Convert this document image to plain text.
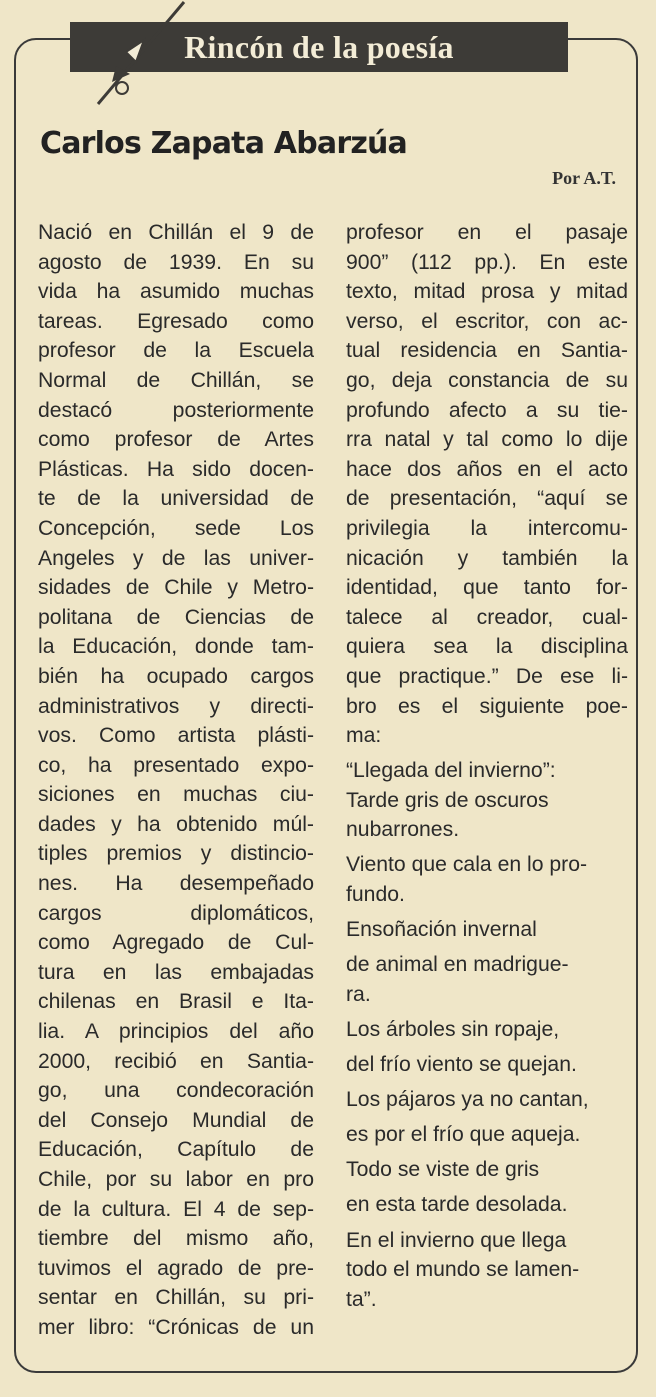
Rincón de la poesía
Carlos Zapata Abarzúa
Por A.T.
Nació en Chillán el 9 de
agosto de 1939. En su
vida ha asumido muchas
tareas. Egresado como
profesor de la Escuela
Normal de Chillán, se
destacó posteriormente
como profesor de Artes
Plásticas. Ha sido docen-
te de la universidad de
Concepción, sede Los
Angeles y de las univer-
sidades de Chile y Metro-
politana de Ciencias de
la Educación, donde tam-
bién ha ocupado cargos
administrativos y directi-
vos. Como artista plásti-
co, ha presentado expo-
siciones en muchas ciu-
dades y ha obtenido múl-
tiples premios y distincio-
nes. Ha desempeñado
cargos diplomáticos,
como Agregado de Cul-
tura en las embajadas
chilenas en Brasil e Ita-
lia. A principios del año
2000, recibió en Santia-
go, una condecoración
del Consejo Mundial de
Educación, Capítulo de
Chile, por su labor en pro
de la cultura. El 4 de sep-
tiembre del mismo año,
tuvimos el agrado de pre-
sentar en Chillán, su pri-
mer libro: “Crónicas de un
profesor en el pasaje
900” (112 pp.). En este
texto, mitad prosa y mitad
verso, el escritor, con ac-
tual residencia en Santia-
go, deja constancia de su
profundo afecto a su tie-
rra natal y tal como lo dije
hace dos años en el acto
de presentación, “aquí se
privilegia la intercomu-
nicación y también la
identidad, que tanto for-
talece al creador, cual-
quiera sea la disciplina
que practique.” De ese li-
bro es el siguiente poe-
ma:
“Llegada del invierno”:
Tarde gris de oscuros
nubarrones.
Viento que cala en lo pro-
fundo.
Ensoñación invernal
de animal en madrigue-
ra.
Los árboles sin ropaje,
del frío viento se quejan.
Los pájaros ya no cantan,
es por el frío que aqueja.
Todo se viste de gris
en esta tarde desolada.
En el invierno que llega
todo el mundo se lamen-
ta”.
